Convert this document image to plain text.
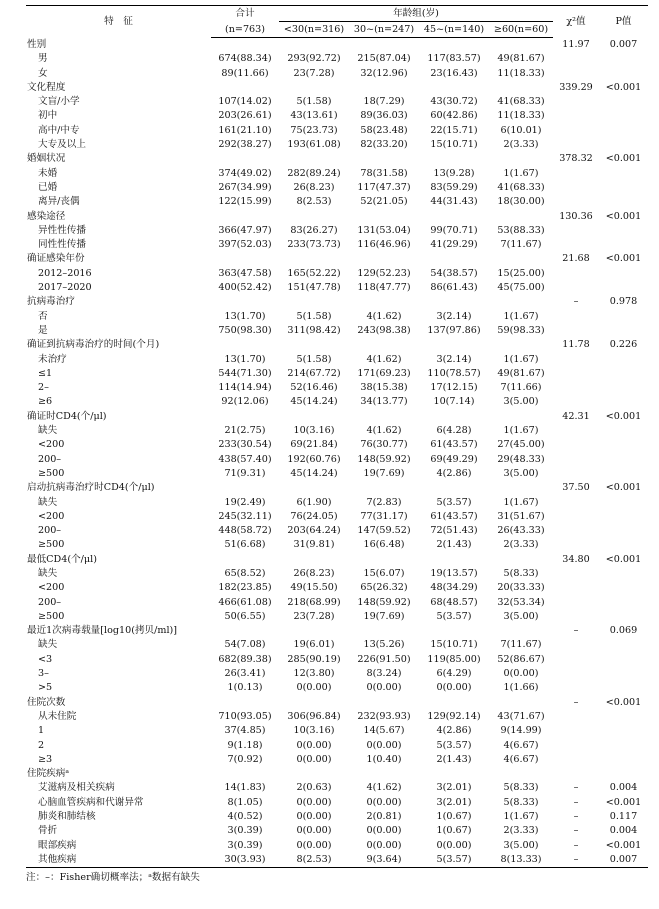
特　征	合计	年龄组(岁)				χ²值	P值
	(n=763)	<30(n=316)	30~(n=247)	45~(n=140)	≥60(n=60)		
性别						11.97	0.007
男	674(88.34)	293(92.72)	215(87.04)	117(83.57)	49(81.67)		
女	89(11.66)	23(7.28)	32(12.96)	23(16.43)	11(18.33)		
文化程度						339.29	<0.001
文盲/小学	107(14.02)	5(1.58)	18(7.29)	43(30.72)	41(68.33)		
初中	203(26.61)	43(13.61)	89(36.03)	60(42.86)	11(18.33)		
高中/中专	161(21.10)	75(23.73)	58(23.48)	22(15.71)	6(10.01)		
大专及以上	292(38.27)	193(61.08)	82(33.20)	15(10.71)	2(3.33)		
婚姻状况						378.32	<0.001
未婚	374(49.02)	282(89.24)	78(31.58)	13(9.28)	1(1.67)		
已婚	267(34.99)	26(8.23)	117(47.37)	83(59.29)	41(68.33)		
离异/丧偶	122(15.99)	8(2.53)	52(21.05)	44(31.43)	18(30.00)		
感染途径						130.36	<0.001
异性性传播	366(47.97)	83(26.27)	131(53.04)	99(70.71)	53(88.33)		
同性性传播	397(52.03)	233(73.73)	116(46.96)	41(29.29)	7(11.67)		
确证感染年份						21.68	<0.001
2012–2016	363(47.58)	165(52.22)	129(52.23)	54(38.57)	15(25.00)		
2017–2020	400(52.42)	151(47.78)	118(47.77)	86(61.43)	45(75.00)		
抗病毒治疗						–	0.978
否	13(1.70)	5(1.58)	4(1.62)	3(2.14)	1(1.67)		
是	750(98.30)	311(98.42)	243(98.38)	137(97.86)	59(98.33)		
确证到抗病毒治疗的时间(个月)						11.78	0.226
未治疗	13(1.70)	5(1.58)	4(1.62)	3(2.14)	1(1.67)		
≤1	544(71.30)	214(67.72)	171(69.23)	110(78.57)	49(81.67)		
2–	114(14.94)	52(16.46)	38(15.38)	17(12.15)	7(11.66)		
≥6	92(12.06)	45(14.24)	34(13.77)	10(7.14)	3(5.00)		
确证时CD4(个/μl)						42.31	<0.001
缺失	21(2.75)	10(3.16)	4(1.62)	6(4.28)	1(1.67)		
<200	233(30.54)	69(21.84)	76(30.77)	61(43.57)	27(45.00)		
200–	438(57.40)	192(60.76)	148(59.92)	69(49.29)	29(48.33)		
≥500	71(9.31)	45(14.24)	19(7.69)	4(2.86)	3(5.00)		
启动抗病毒治疗时CD4(个/μl)						37.50	<0.001
缺失	19(2.49)	6(1.90)	7(2.83)	5(3.57)	1(1.67)		
<200	245(32.11)	76(24.05)	77(31.17)	61(43.57)	31(51.67)		
200–	448(58.72)	203(64.24)	147(59.52)	72(51.43)	26(43.33)		
≥500	51(6.68)	31(9.81)	16(6.48)	2(1.43)	2(3.33)		
最低CD4(个/μl)						34.80	<0.001
缺失	65(8.52)	26(8.23)	15(6.07)	19(13.57)	5(8.33)		
<200	182(23.85)	49(15.50)	65(26.32)	48(34.29)	20(33.33)		
200–	466(61.08)	218(68.99)	148(59.92)	68(48.57)	32(53.34)		
≥500	50(6.55)	23(7.28)	19(7.69)	5(3.57)	3(5.00)		
最近1次病毒载量[log10(拷贝/ml)]						–	0.069
缺失	54(7.08)	19(6.01)	13(5.26)	15(10.71)	7(11.67)		
<3	682(89.38)	285(90.19)	226(91.50)	119(85.00)	52(86.67)		
3–	26(3.41)	12(3.80)	8(3.24)	6(4.29)	0(0.00)		
>5	1(0.13)	0(0.00)	0(0.00)	0(0.00)	1(1.66)		
住院次数						–	<0.001
从未住院	710(93.05)	306(96.84)	232(93.93)	129(92.14)	43(71.67)		
1	37(4.85)	10(3.16)	14(5.67)	4(2.86)	9(14.99)		
2	9(1.18)	0(0.00)	0(0.00)	5(3.57)	4(6.67)		
≥3	7(0.92)	0(0.00)	1(0.40)	2(1.43)	4(6.67)		
住院疾病ᵃ							
艾滋病及相关疾病	14(1.83)	2(0.63)	4(1.62)	3(2.01)	5(8.33)	–	0.004
心脑血管疾病和代谢异常	8(1.05)	0(0.00)	0(0.00)	3(2.01)	5(8.33)	–	<0.001
肺炎和肺结核	4(0.52)	0(0.00)	2(0.81)	1(0.67)	1(1.67)	–	0.117
骨折	3(0.39)	0(0.00)	0(0.00)	1(0.67)	2(3.33)	–	0.004
眼部疾病	3(0.39)	0(0.00)	0(0.00)	0(0.00)	3(5.00)	–	<0.001
其他疾病	30(3.93)	8(2.53)	9(3.64)	5(3.57)	8(13.33)	–	0.007
注：–：Fisher确切概率法；ᵃ数据有缺失
